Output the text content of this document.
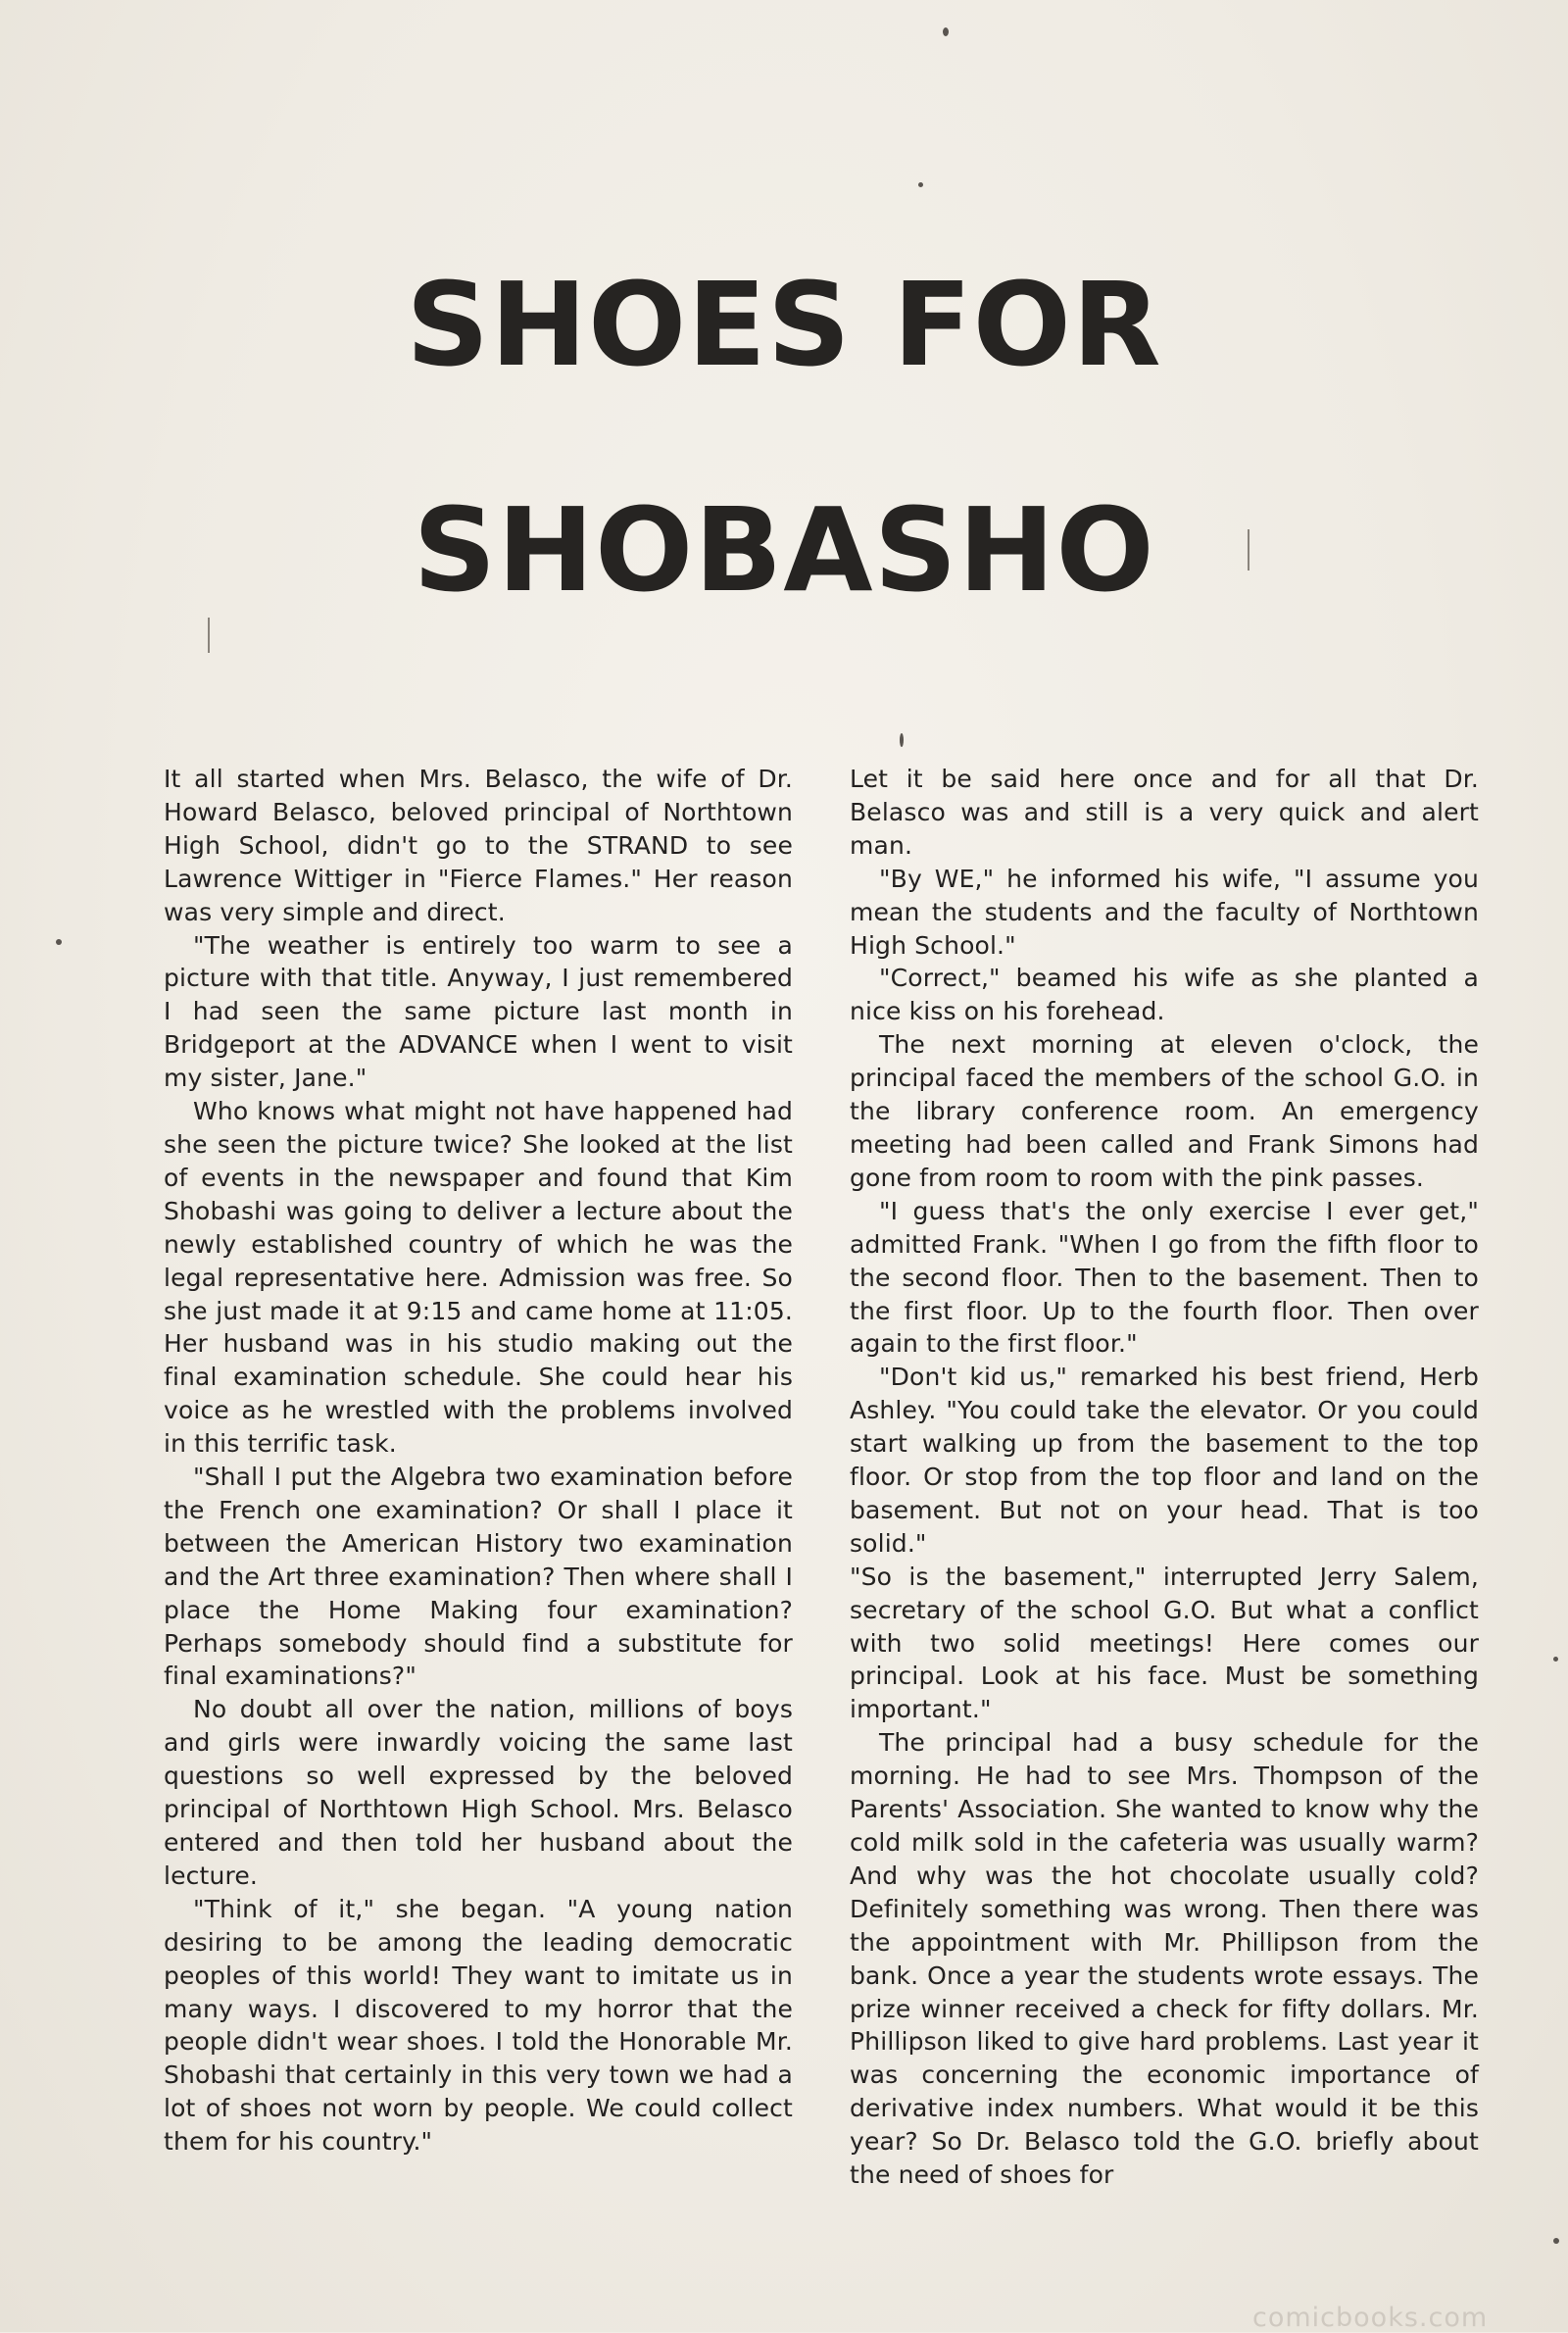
SHOES FOR
SHOBASHO

It all started when Mrs. Belasco, the wife of Dr. Howard Belasco, beloved principal of Northtown High School, didn't go to the STRAND to see Lawrence Wittiger in "Fierce Flames." Her reason was very simple and direct.

"The weather is entirely too warm to see a picture with that title. Anyway, I just remembered I had seen the same picture last month in Bridgeport at the ADVANCE when I went to visit my sister, Jane."

Who knows what might not have happened had she seen the picture twice? She looked at the list of events in the newspaper and found that Kim Shobashi was going to deliver a lecture about the newly established country of which he was the legal representative here. Admission was free. So she just made it at 9:15 and came home at 11:05. Her husband was in his studio making out the final examination schedule. She could hear his voice as he wrestled with the problems involved in this terrific task.

"Shall I put the Algebra two examination before the French one examination? Or shall I place it between the American History two examination and the Art three examination? Then where shall I place the Home Making four examination? Perhaps somebody should find a substitute for final examinations?"

No doubt all over the nation, millions of boys and girls were inwardly voicing the same last questions so well expressed by the beloved principal of Northtown High School. Mrs. Belasco entered and then told her husband about the lecture.

"Think of it," she began. "A young nation desiring to be among the leading democratic peoples of this world! They want to imitate us in many ways. I discovered to my horror that the people didn't wear shoes. I told the Honorable Mr. Shobashi that certainly in this very town we had a lot of shoes not worn by people. We could collect them for his country."

Let it be said here once and for all that Dr. Belasco was and still is a very quick and alert man.

"By WE," he informed his wife, "I assume you mean the students and the faculty of Northtown High School."

"Correct," beamed his wife as she planted a nice kiss on his forehead.

The next morning at eleven o'clock, the principal faced the members of the school G.O. in the library conference room. An emergency meeting had been called and Frank Simons had gone from room to room with the pink passes.

"I guess that's the only exercise I ever get," admitted Frank. "When I go from the fifth floor to the second floor. Then to the basement. Then to the first floor. Up to the fourth floor. Then over again to the first floor."

"Don't kid us," remarked his best friend, Herb Ashley. "You could take the elevator. Or you could start walking up from the basement to the top floor. Or stop from the top floor and land on the basement. But not on your head. That is too solid."

"So is the basement," interrupted Jerry Salem, secretary of the school G.O. But what a conflict with two solid meetings! Here comes our principal. Look at his face. Must be something important."

The principal had a busy schedule for the morning. He had to see Mrs. Thompson of the Parents' Association. She wanted to know why the cold milk sold in the cafeteria was usually warm? And why was the hot chocolate usually cold? Definitely something was wrong. Then there was the appointment with Mr. Phillipson from the bank. Once a year the students wrote essays. The prize winner received a check for fifty dollars. Mr. Phillipson liked to give hard problems. Last year it was concerning the economic importance of derivative index numbers. What would it be this year? So Dr. Belasco told the G.O. briefly about the need of shoes for

comicbooks.com
